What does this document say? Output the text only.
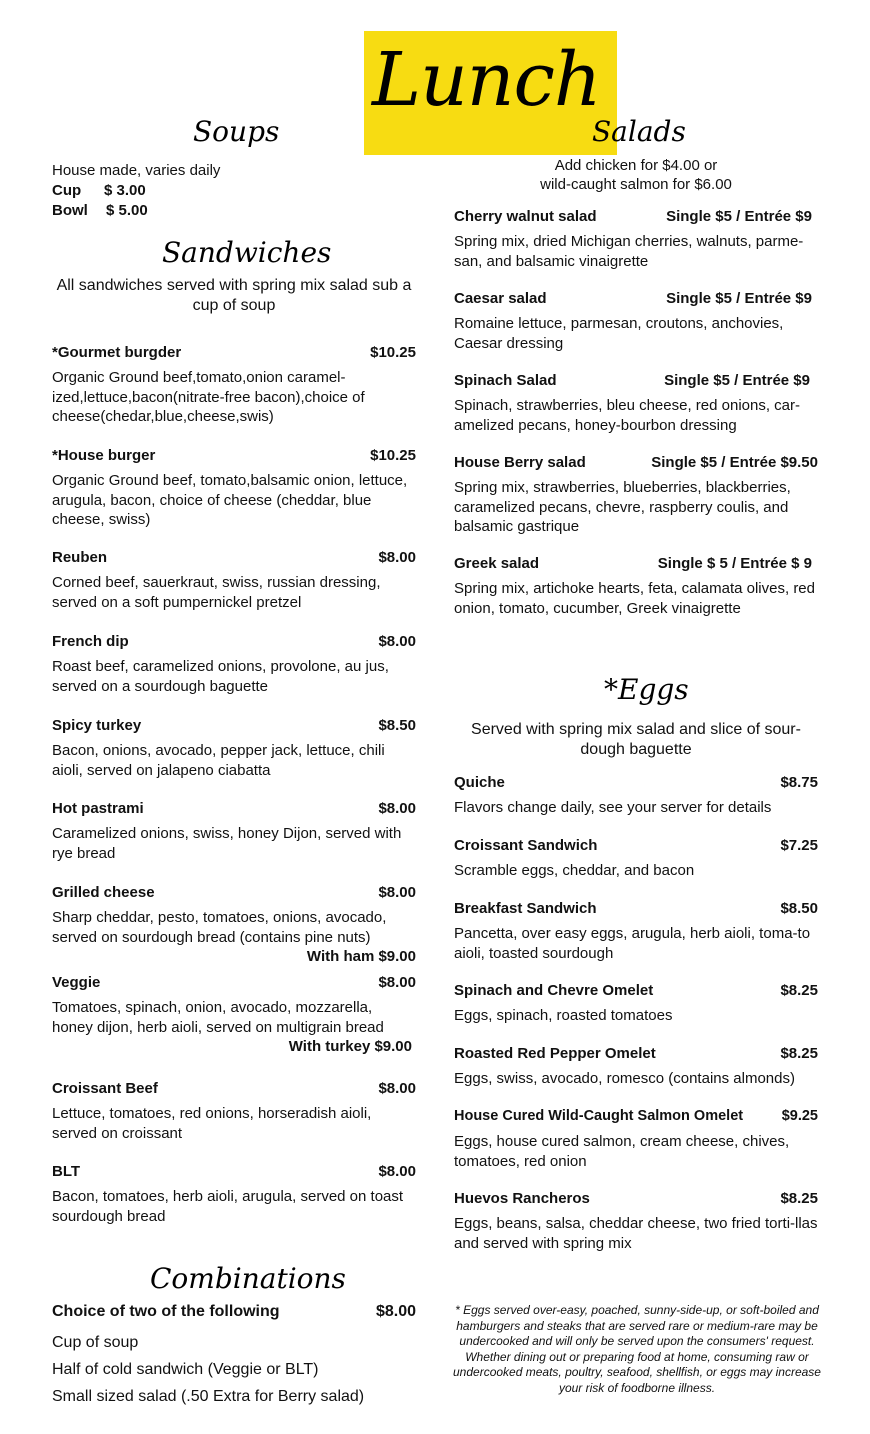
Lunch
Soups
House made, varies daily
Cup $ 3.00
Bowl $ 5.00
Sandwiches
All sandwiches served with spring mix salad sub a cup of soup
*Gourmet burgder	$10.25
Organic Ground beef,tomato,onion caramel-ized,lettuce,bacon(nitrate-free bacon),choice of cheese(chedar,blue,cheese,swis)
*House burger	$10.25
Organic Ground beef, tomato,balsamic onion, lettuce, arugula, bacon, choice of cheese (cheddar, blue cheese, swiss)
Reuben	$8.00
Corned beef, sauerkraut, swiss, russian dressing, served on a soft pumpernickel pretzel
French dip	$8.00
Roast beef, caramelized onions, provolone, au jus, served on a sourdough baguette
Spicy turkey	$8.50
Bacon, onions, avocado, pepper jack, lettuce, chili aioli, served on jalapeno ciabatta
Hot pastrami	$8.00
Caramelized onions, swiss, honey Dijon, served with rye bread
Grilled cheese	$8.00
Sharp cheddar, pesto, tomatoes, onions, avocado, served on sourdough bread (contains pine nuts)
With ham $9.00
Veggie	$8.00
Tomatoes, spinach, onion, avocado, mozzarella, honey dijon, herb aioli, served on multigrain bread
With turkey $9.00
Croissant Beef	$8.00
Lettuce, tomatoes, red onions, horseradish aioli, served on croissant
BLT	$8.00
Bacon, tomatoes, herb aioli, arugula, served on toast sourdough bread
Combinations
Choice of two of the following	$8.00
Cup of soup
Half of cold sandwich (Veggie or BLT)
Small sized salad (.50 Extra for Berry salad)
Salads
Add chicken for $4.00 or
wild-caught salmon for $6.00
Cherry walnut salad	Single $5 / Entrée $9
Spring mix, dried Michigan cherries, walnuts, parme-san, and balsamic vinaigrette
Caesar salad	Single $5 / Entrée $9
Romaine lettuce, parmesan, croutons, anchovies, Caesar dressing
Spinach Salad	Single $5 / Entrée $9
Spinach, strawberries, bleu cheese, red onions, car-amelized pecans, honey-bourbon dressing
House Berry salad	Single $5 / Entrée $9.50
Spring mix, strawberries, blueberries, blackberries, caramelized pecans, chevre, raspberry coulis, and balsamic gastrique
Greek salad	Single $ 5 / Entrée $ 9
Spring mix, artichoke hearts, feta, calamata olives, red onion, tomato, cucumber, Greek vinaigrette
*Eggs
Served with spring mix salad and slice of sour-dough baguette
Quiche	$8.75
Flavors change daily, see your server for details
Croissant Sandwich	$7.25
Scramble eggs, cheddar, and bacon
Breakfast Sandwich	$8.50
Pancetta, over easy eggs, arugula, herb aioli, toma-to aioli, toasted sourdough
Spinach and Chevre Omelet	$8.25
Eggs, spinach, roasted tomatoes
Roasted Red Pepper Omelet	$8.25
Eggs, swiss, avocado, romesco (contains almonds)
House Cured Wild-Caught Salmon Omelet	$9.25
Eggs, house cured salmon, cream cheese, chives, tomatoes, red onion
Huevos Rancheros	$8.25
Eggs, beans, salsa, cheddar cheese, two fried torti-llas and served with spring mix
* Eggs served over-easy, poached, sunny-side-up, or soft-boiled and hamburgers and steaks that are served rare or medium-rare may be undercooked and will only be served upon the consumers' request. Whether dining out or preparing food at home, consuming raw or undercooked meats, poultry, seafood, shellfish, or eggs may increase your risk of foodborne illness.
